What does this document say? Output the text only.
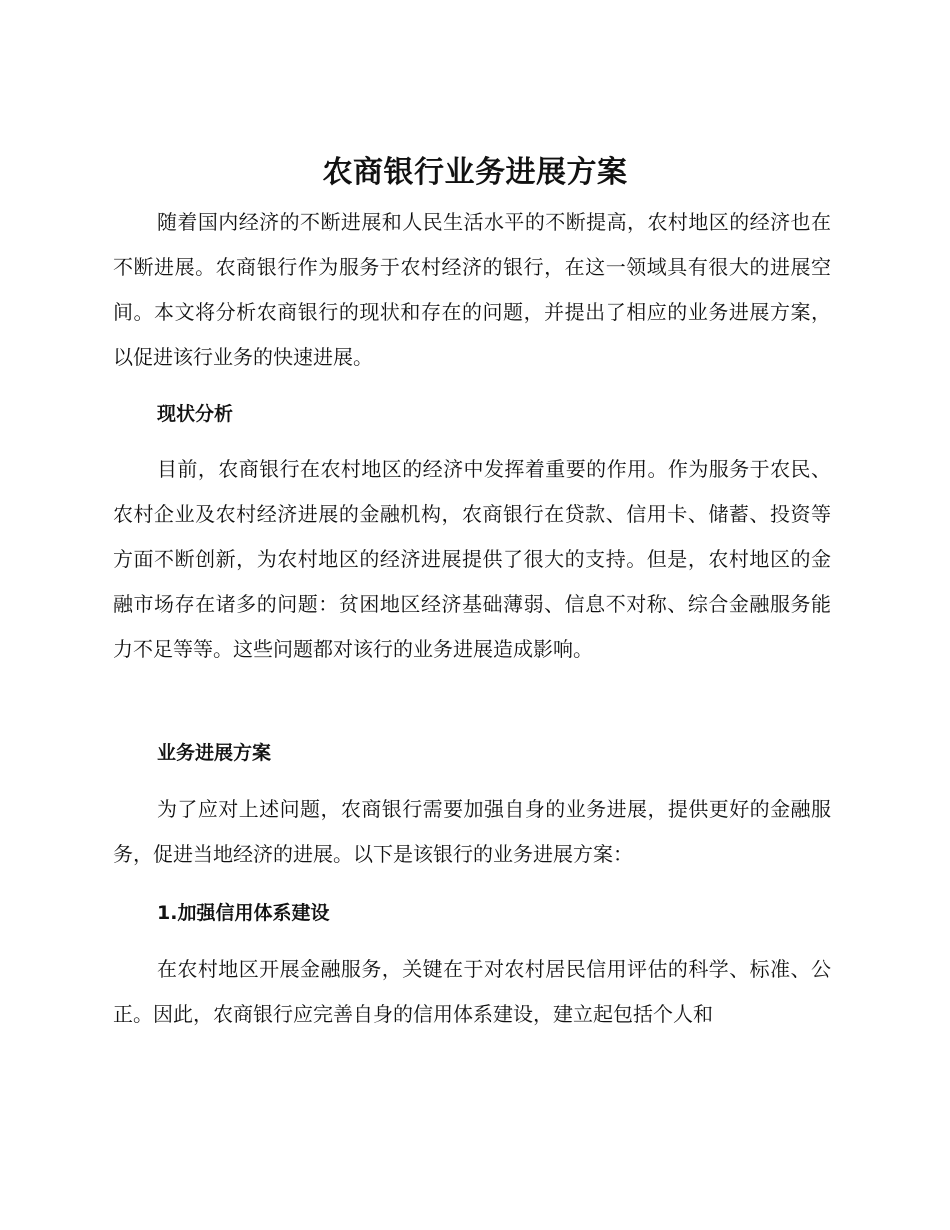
农商银行业务进展方案

随着国内经济的不断进展和人民生活水平的不断提高，农村地区的经济也在不断进展。农商银行作为服务于农村经济的银行，在这一领域具有很大的进展空间。本文将分析农商银行的现状和存在的问题，并提出了相应的业务进展方案，以促进该行业务的快速进展。

现状分析

目前，农商银行在农村地区的经济中发挥着重要的作用。作为服务于农民、农村企业及农村经济进展的金融机构，农商银行在贷款、信用卡、储蓄、投资等方面不断创新，为农村地区的经济进展提供了很大的支持。但是，农村地区的金融市场存在诸多的问题：贫困地区经济基础薄弱、信息不对称、综合金融服务能力不足等等。这些问题都对该行的业务进展造成影响。

业务进展方案

为了应对上述问题，农商银行需要加强自身的业务进展，提供更好的金融服务，促进当地经济的进展。以下是该银行的业务进展方案：

1.加强信用体系建设

在农村地区开展金融服务，关键在于对农村居民信用评估的科学、标准、公正。因此，农商银行应完善自身的信用体系建设，建立起包括个人和
